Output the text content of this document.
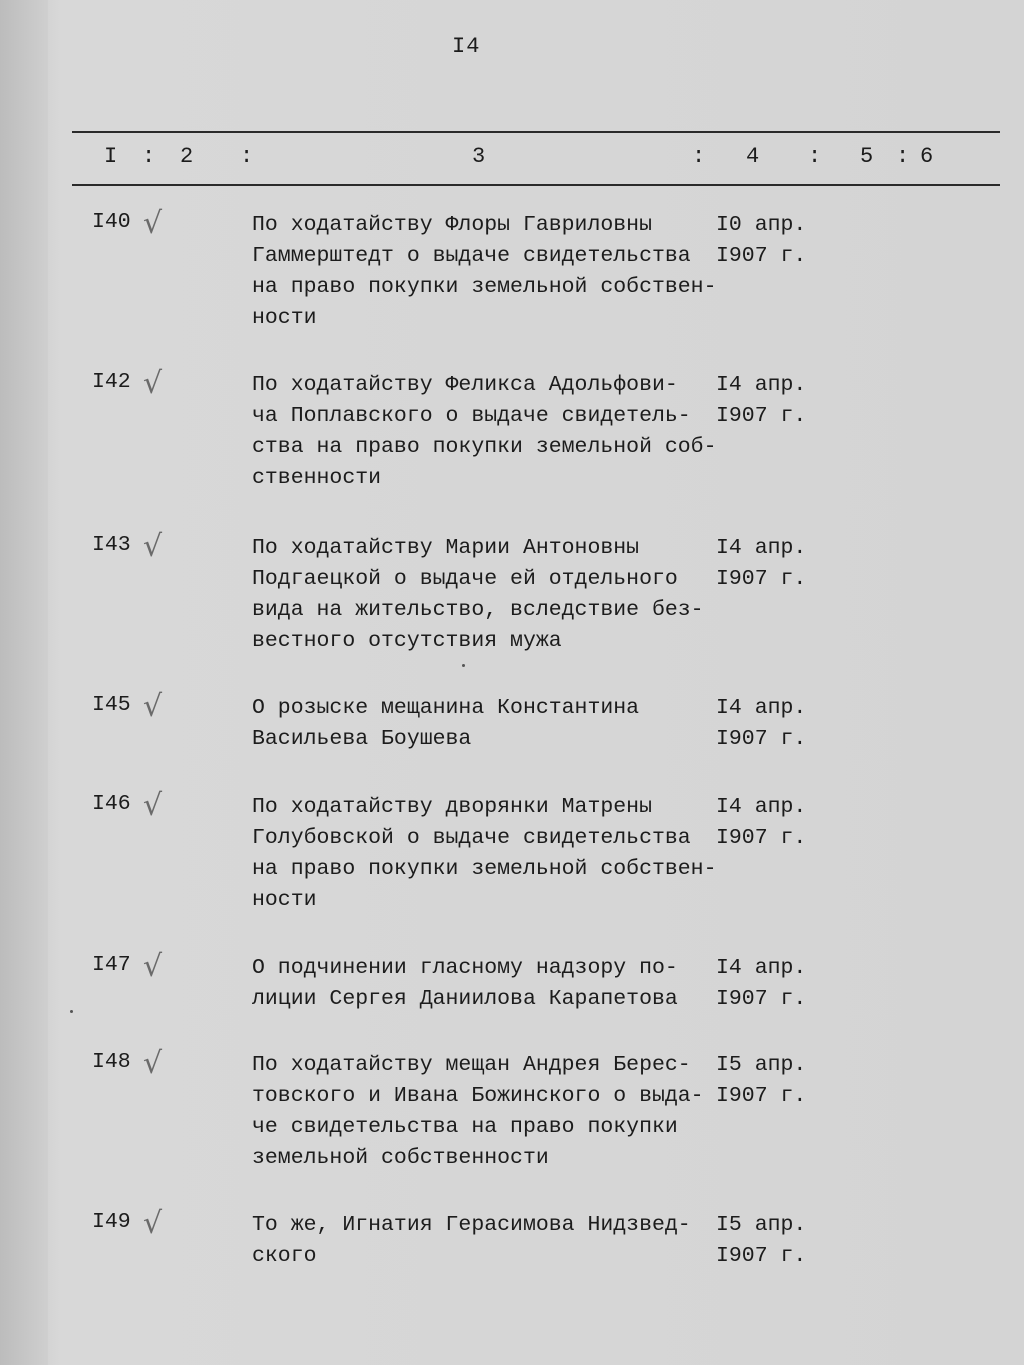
I4
I : 2 :	3	: 4 : 5 : 6
I40 √	По ходатайству Флоры Гавриловны
Гаммерштедт о выдаче свидетельства
на право покупки земельной собствен-
ности
I0 апр.
I907 г.
I42 √	По ходатайству Феликса Адольфови-
ча Поплавского о выдаче свидетель-
ства на право покупки земельной соб-
ственности
I4 апр.
I907 г.
I43 √	По ходатайству Марии Антоновны
Подгаецкой о выдаче ей отдельного
вида на жительство, вследствие без-
вестного отсутствия мужа
I4 апр.
I907 г.
I45 √	О розыске мещанина Константина
Васильева Боушева
I4 апр.
I907 г.
I46 √	По ходатайству дворянки Матрены
Голубовской о выдаче свидетельства
на право покупки земельной собствен-
ности
I4 апр.
I907 г.
I47 √	О подчинении гласному надзору по-
лиции Сергея Даниилова Карапетова
I4 апр.
I907 г.
I48 √	По ходатайству мещан Андрея Берес-
товского и Ивана Божинского о выда-
че свидетельства на право покупки
земельной собственности
I5 апр.
I907 г.
I49 √	То же, Игнатия Герасимова Нидзвед-
ского
I5 апр.
I907 г.
